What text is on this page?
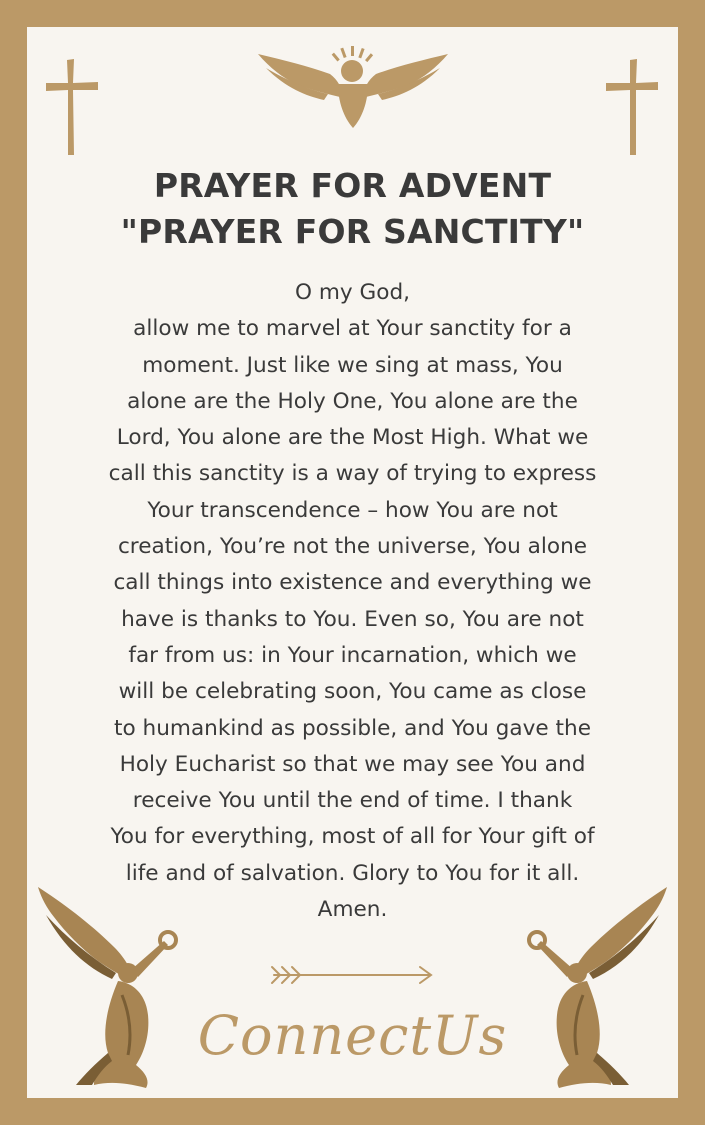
PRAYER FOR ADVENT
"PRAYER FOR SANCTITY"
O my God,
allow me to marvel at Your sanctity for a
moment. Just like we sing at mass, You
alone are the Holy One, You alone are the
Lord, You alone are the Most High. What we
call this sanctity is a way of trying to express
Your transcendence – how You are not
creation, You’re not the universe, You alone
call things into existence and everything we
have is thanks to You. Even so, You are not
far from us: in Your incarnation, which we
will be celebrating soon, You came as close
to humankind as possible, and You gave the
Holy Eucharist so that we may see You and
receive You until the end of time. I thank
You for everything, most of all for Your gift of
life and of salvation. Glory to You for it all.
Amen.
ConnectUs
